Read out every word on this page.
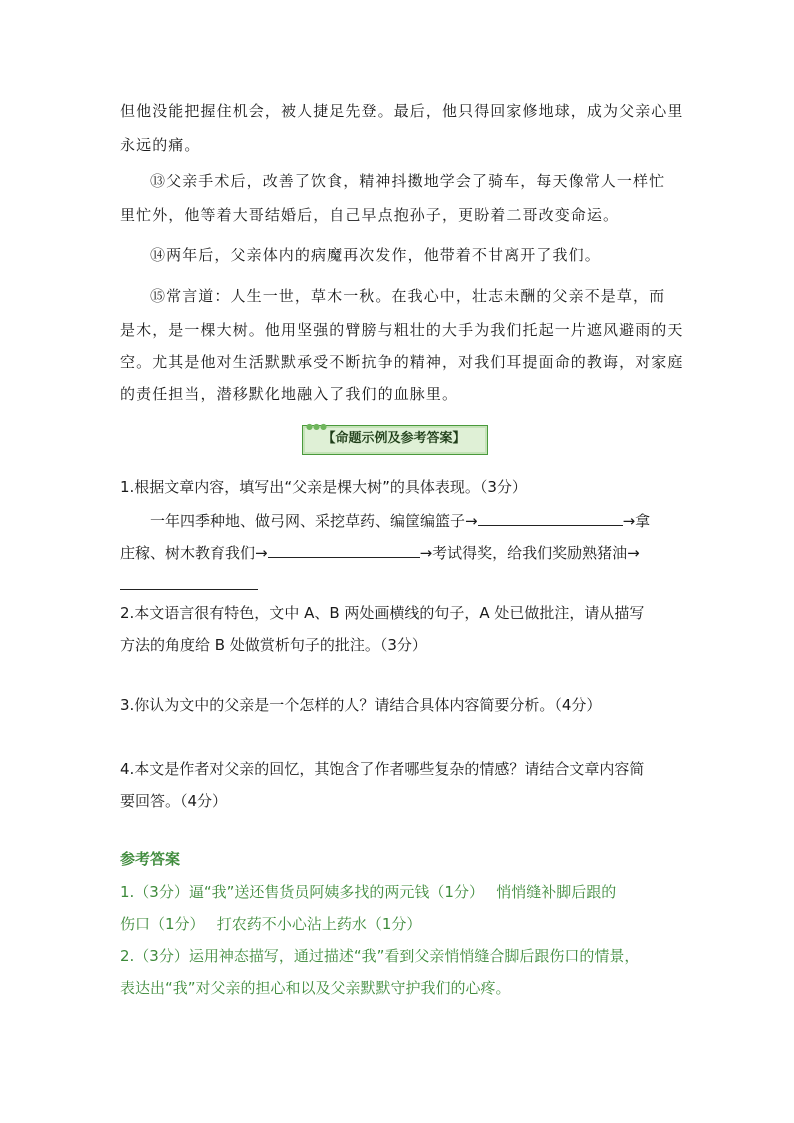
但他没能把握住机会，被人捷足先登。最后，他只得回家修地球，成为父亲心里

永远的痛。

⑬父亲手术后，改善了饮食，精神抖擞地学会了骑车，每天像常人一样忙

里忙外，他等着大哥结婚后，自己早点抱孙子，更盼着二哥改变命运。

⑭两年后，父亲体内的病魔再次发作，他带着不甘离开了我们。

⑮常言道：人生一世，草木一秋。在我心中，壮志未酬的父亲不是草，而

是木，是一棵大树。他用坚强的臂膀与粗壮的大手为我们托起一片遮风避雨的天

空。尤其是他对生活默默承受不断抗争的精神，对我们耳提面命的教诲，对家庭

的责任担当，潜移默化地融入了我们的血脉里。

●●●
【命题示例及参考答案】

1.根据文章内容，填写出“父亲是棵大树”的具体表现。（3分）

一年四季种地、做弓网、采挖草药、编筐编篮子→	→拿

庄稼、树木教育我们→	→考试得奖，给我们奖励熟猪油→

2.本文语言很有特色，文中 A、B 两处画横线的句子，A 处已做批注，请从描写

方法的角度给 B 处做赏析句子的批注。（3分）

3.你认为文中的父亲是一个怎样的人？请结合具体内容简要分析。（4分）

4.本文是作者对父亲的回忆，其饱含了作者哪些复杂的情感？请结合文章内容简

要回答。（4分）

参考答案

1.（3分）逼“我”送还售货员阿姨多找的两元钱（1分）　 悄悄缝补脚后跟的

伤口（1分）　 打农药不小心沾上药水（1分）

2.（3分）运用神态描写，通过描述“我”看到父亲悄悄缝合脚后跟伤口的情景，

表达出“我”对父亲的担心和以及父亲默默守护我们的心疼。
